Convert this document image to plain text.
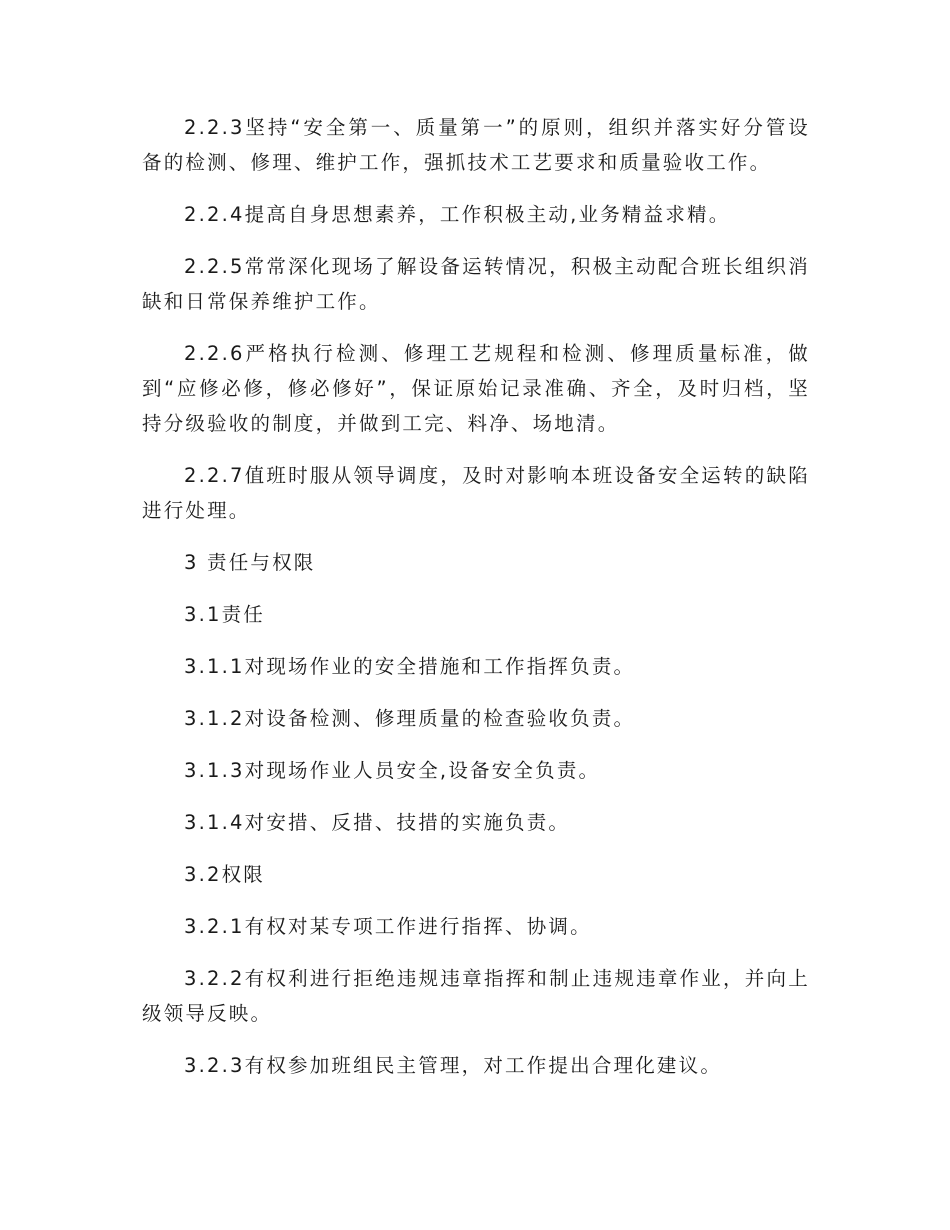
2.2.3坚持“安全第一、质量第一”的原则，组织并落实好分管设备的检测、修理、维护工作，强抓技术工艺要求和质量验收工作。

2.2.4提高自身思想素养，工作积极主动,业务精益求精。

2.2.5常常深化现场了解设备运转情况，积极主动配合班长组织消缺和日常保养维护工作。

2.2.6严格执行检测、修理工艺规程和检测、修理质量标准，做到“应修必修，修必修好”，保证原始记录准确、齐全，及时归档，坚持分级验收的制度，并做到工完、料净、场地清。

2.2.7值班时服从领导调度，及时对影响本班设备安全运转的缺陷进行处理。

3 责任与权限

3.1责任

3.1.1对现场作业的安全措施和工作指挥负责。

3.1.2对设备检测、修理质量的检查验收负责。

3.1.3对现场作业人员安全,设备安全负责。

3.1.4对安措、反措、技措的实施负责。

3.2权限

3.2.1有权对某专项工作进行指挥、协调。

3.2.2有权利进行拒绝违规违章指挥和制止违规违章作业，并向上级领导反映。

3.2.3有权参加班组民主管理，对工作提出合理化建议。
